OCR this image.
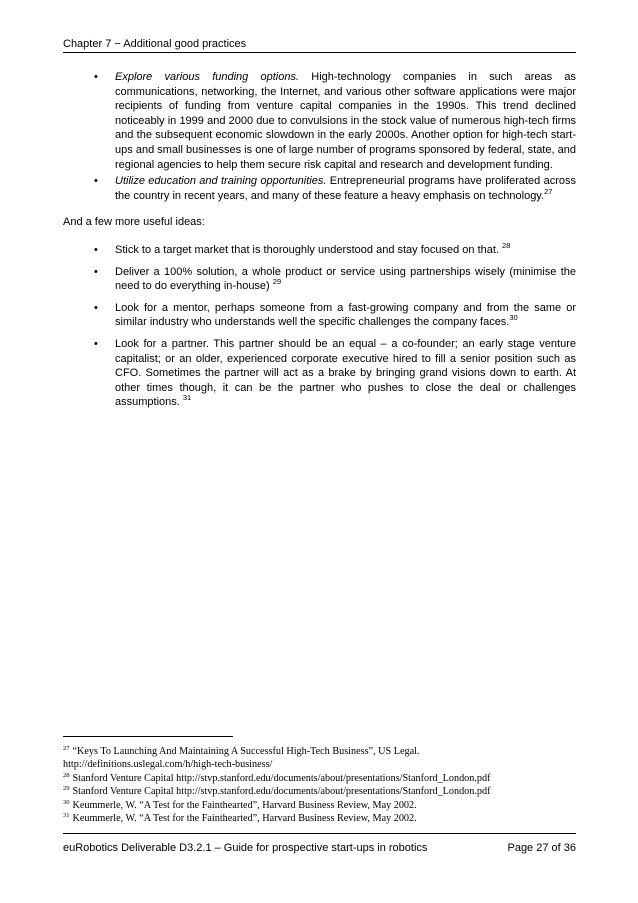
Chapter 7 − Additional good practices
•	Explore various funding options. High-technology companies in such areas as communications, networking, the Internet, and various other software applications were major recipients of funding from venture capital companies in the 1990s. This trend declined noticeably in 1999 and 2000 due to convulsions in the stock value of numerous high-tech firms and the subsequent economic slowdown in the early 2000s. Another option for high-tech start-ups and small businesses is one of large number of programs sponsored by federal, state, and regional agencies to help them secure risk capital and research and development funding.
•	Utilize education and training opportunities. Entrepreneurial programs have proliferated across the country in recent years, and many of these feature a heavy emphasis on technology.$^{27}$

And a few more useful ideas:

•	Stick to a target market that is thoroughly understood and stay focused on that. $^{28}$
•	Deliver a 100% solution, a whole product or service using partnerships wisely (minimise the need to do everything in-house) $^{29}$
•	Look for a mentor, perhaps someone from a fast-growing company and from the same or similar industry who understands well the specific challenges the company faces.$^{30}$
•	Look for a partner. This partner should be an equal – a co-founder; an early stage venture capitalist; or an older, experienced corporate executive hired to fill a senior position such as CFO. Sometimes the partner will act as a brake by bringing grand visions down to earth. At other times though, it can be the partner who pushes to close the deal or challenges assumptions. $^{31}$
$^{27}$ “Keys To Launching And Maintaining A Successful High-Tech Business”, US Legal.
http://definitions.uslegal.com/h/high-tech-business/
$^{28}$ Stanford Venture Capital http://stvp.stanford.edu/documents/about/presentations/Stanford_London.pdf
$^{29}$ Stanford Venture Capital http://stvp.stanford.edu/documents/about/presentations/Stanford_London.pdf
$^{30}$ Keummerle, W. “A Test for the Fainthearted”, Harvard Business Review, May 2002.
$^{31}$ Keummerle, W. “A Test for the Fainthearted”, Harvard Business Review, May 2002.
euRobotics Deliverable D3.2.1 – Guide for prospective start-ups in robotics	Page 27 of 36
